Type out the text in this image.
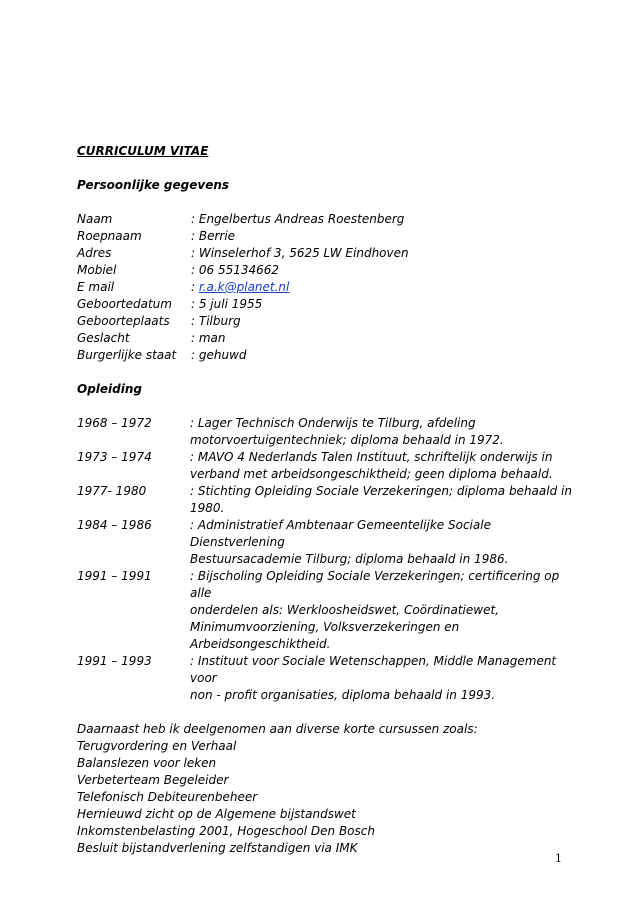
CURRICULUM VITAE
Persoonlijke gegevens
Naam	: Engelbertus Andreas Roestenberg
Roepnaam	: Berrie
Adres	: Winselerhof 3, 5625 LW Eindhoven
Mobiel	: 06 55134662
E mail	: r.a.k@planet.nl
Geboortedatum	: 5 juli 1955
Geboorteplaats	: Tilburg
Geslacht	: man
Burgerlijke staat	: gehuwd
Opleiding
1968 – 1972	: Lager Technisch Onderwijs te Tilburg, afdeling
motorvoertuigentechniek; diploma behaald in 1972.
1973 – 1974	: MAVO 4 Nederlands Talen Instituut, schriftelijk onderwijs in
verband met arbeidsongeschiktheid; geen diploma behaald.
1977- 1980	: Stichting Opleiding Sociale Verzekeringen; diploma behaald in
1980.
1984 – 1986	: Administratief Ambtenaar Gemeentelijke Sociale Dienstverlening
Bestuursacademie Tilburg; diploma behaald in 1986.
1991 – 1991	: Bijscholing Opleiding Sociale Verzekeringen; certificering op alle
onderdelen als: Werkloosheidswet, Coördinatiewet,
Minimumvoorziening, Volksverzekeringen en
Arbeidsongeschiktheid.
1991 – 1993	: Instituut voor Sociale Wetenschappen, Middle Management voor
non - profit organisaties, diploma behaald in 1993.
Daarnaast heb ik deelgenomen aan diverse korte cursussen zoals:
Terugvordering en Verhaal
Balanslezen voor leken
Verbeterteam Begeleider
Telefonisch Debiteurenbeheer
Hernieuwd zicht op de Algemene bijstandswet
Inkomstenbelasting 2001, Hogeschool Den Bosch
Besluit bijstandverlening zelfstandigen via IMK
1
